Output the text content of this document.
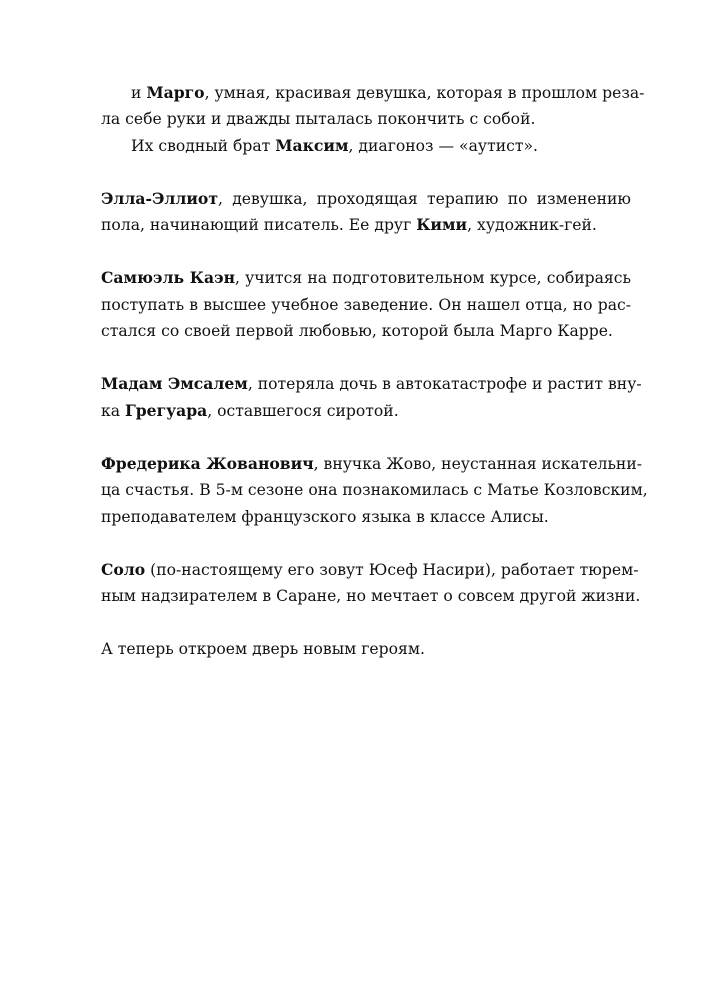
и Марго, умная, красивая девушка, которая в прошлом реза-
ла себе руки и дважды пыталась покончить с собой.
Их сводный брат Максим, диагоноз — «аутист».
Элла-Эллиот, девушка, проходящая терапию по изменению
пола, начинающий писатель. Ее друг Кими, художник-гей.
Самюэль Каэн, учится на подготовительном курсе, собираясь
поступать в высшее учебное заведение. Он нашел отца, но рас-
стался со своей первой любовью, которой была Марго Карре.
Мадам Эмсалем, потеряла дочь в автокатастрофе и растит вну-
ка Грегуара, оставшегося сиротой.
Фредерика Жованович, внучка Жово, неустанная искательни-
ца счастья. В 5-м сезоне она познакомилась с Матье Козловским,
преподавателем французского языка в классе Алисы.
Соло (по-настоящему его зовут Юсеф Насири), работает тюрем-
ным надзирателем в Саране, но мечтает о совсем другой жизни.
А теперь откроем дверь новым героям.
